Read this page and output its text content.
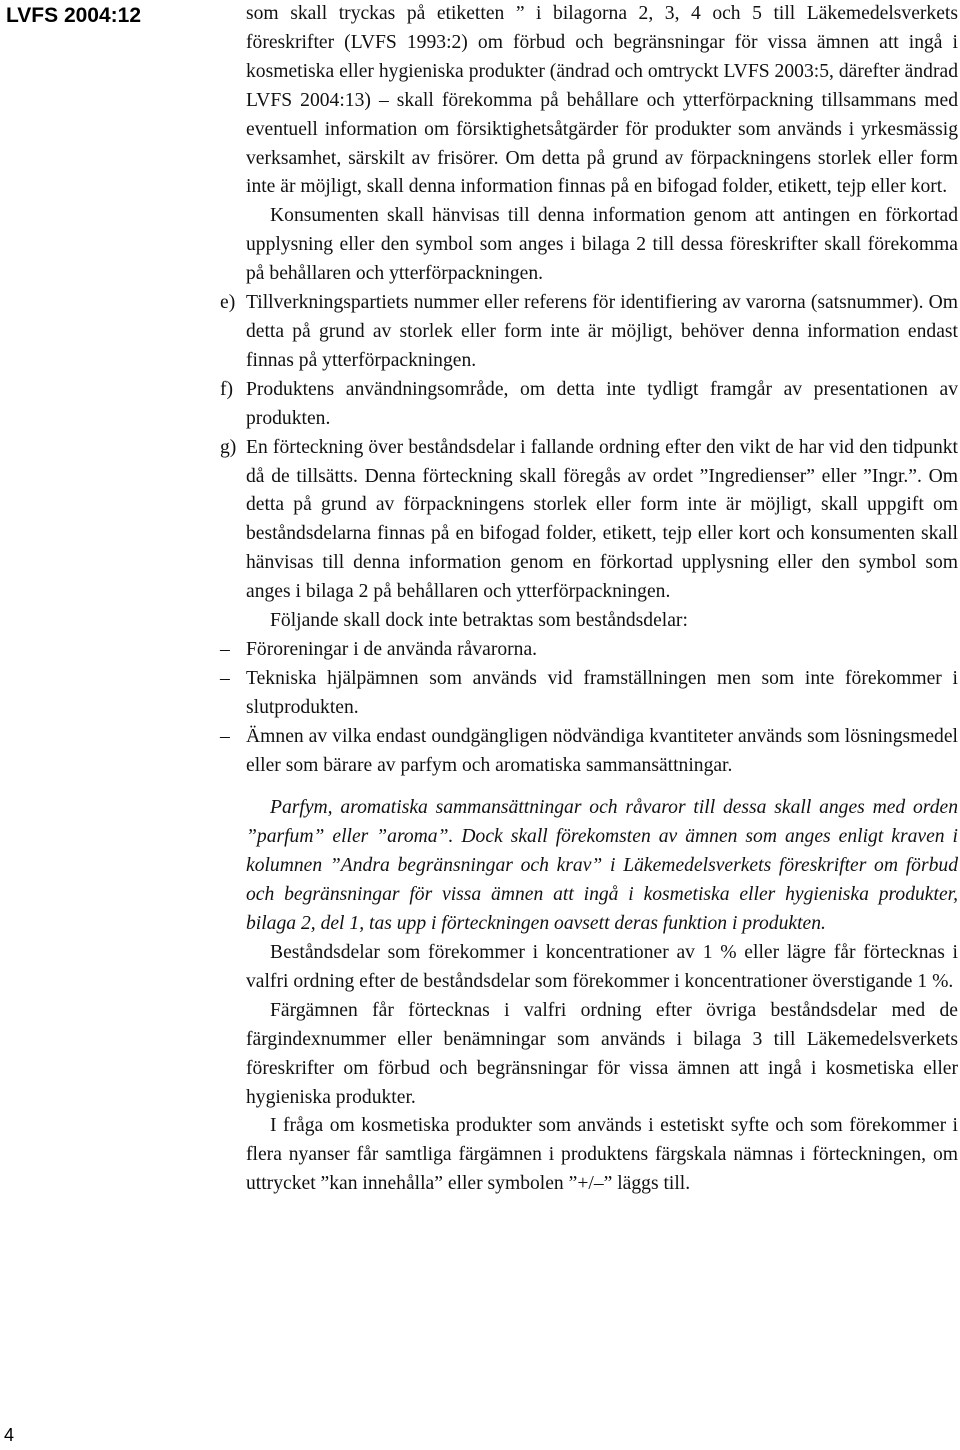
LVFS 2004:12	som skall tryckas på etiketten ” i bilagorna 2, 3, 4 och 5 till Läkemedelsverkets föreskrifter (LVFS 1993:2) om förbud och begränsningar för vissa ämnen att ingå i kosmetiska eller hygieniska produkter (ändrad och omtryckt LVFS 2003:5, därefter ändrad LVFS 2004:13) – skall förekomma på behållare och ytterförpackning tillsammans med eventuell information om försiktighetsåtgärder för produkter som används i yrkesmässig verksamhet, särskilt av frisörer. Om detta på grund av förpackningens storlek eller form inte är möjligt, skall denna information finnas på en bifogad folder, etikett, tejp eller kort.

Konsumenten skall hänvisas till denna information genom att antingen en förkortad upplysning eller den symbol som anges i bilaga 2 till dessa föreskrifter skall förekomma på behållaren och ytterförpackningen.

e) Tillverkningspartiets nummer eller referens för identifiering av varorna (satsnummer). Om detta på grund av storlek eller form inte är möjligt, behöver denna information endast finnas på ytterförpackningen.

f) Produktens användningsområde, om detta inte tydligt framgår av presentationen av produkten.

g) En förteckning över beståndsdelar i fallande ordning efter den vikt de har vid den tidpunkt då de tillsätts. Denna förteckning skall föregås av ordet ”Ingredienser” eller ”Ingr.”. Om detta på grund av förpackningens storlek eller form inte är möjligt, skall uppgift om beståndsdelarna finnas på en bifogad folder, etikett, tejp eller kort och konsumenten skall hänvisas till denna information genom en förkortad upplysning eller den symbol som anges i bilaga 2 på behållaren och ytterförpackningen.

Följande skall dock inte betraktas som beståndsdelar:

– Föroreningar i de använda råvarorna.

– Tekniska hjälpämnen som används vid framställningen men som inte förekommer i slutprodukten.

– Ämnen av vilka endast oundgängligen nödvändiga kvantiteter används som lösningsmedel eller som bärare av parfym och aromatiska sammansättningar.

Parfym, aromatiska sammansättningar och råvaror till dessa skall anges med orden ”parfum” eller ”aroma”. Dock skall förekomsten av ämnen som anges enligt kraven i kolumnen ”Andra begränsningar och krav” i Läkemedelsverkets föreskrifter om förbud och begränsningar för vissa ämnen att ingå i kosmetiska eller hygieniska produkter, bilaga 2, del 1, tas upp i förteckningen oavsett deras funktion i produkten.

Beståndsdelar som förekommer i koncentrationer av 1 % eller lägre får förtecknas i valfri ordning efter de beståndsdelar som förekommer i koncentrationer överstigande 1 %.

Färgämnen får förtecknas i valfri ordning efter övriga beståndsdelar med de färgindexnummer eller benämningar som används i bilaga 3 till Läkemedelsverkets föreskrifter om förbud och begränsningar för vissa ämnen att ingå i kosmetiska eller hygieniska produkter.

I fråga om kosmetiska produkter som används i estetiskt syfte och som förekommer i flera nyanser får samtliga färgämnen i produktens färgskala nämnas i förteckningen, om uttrycket ”kan innehålla” eller symbolen ”+/–” läggs till.

4
